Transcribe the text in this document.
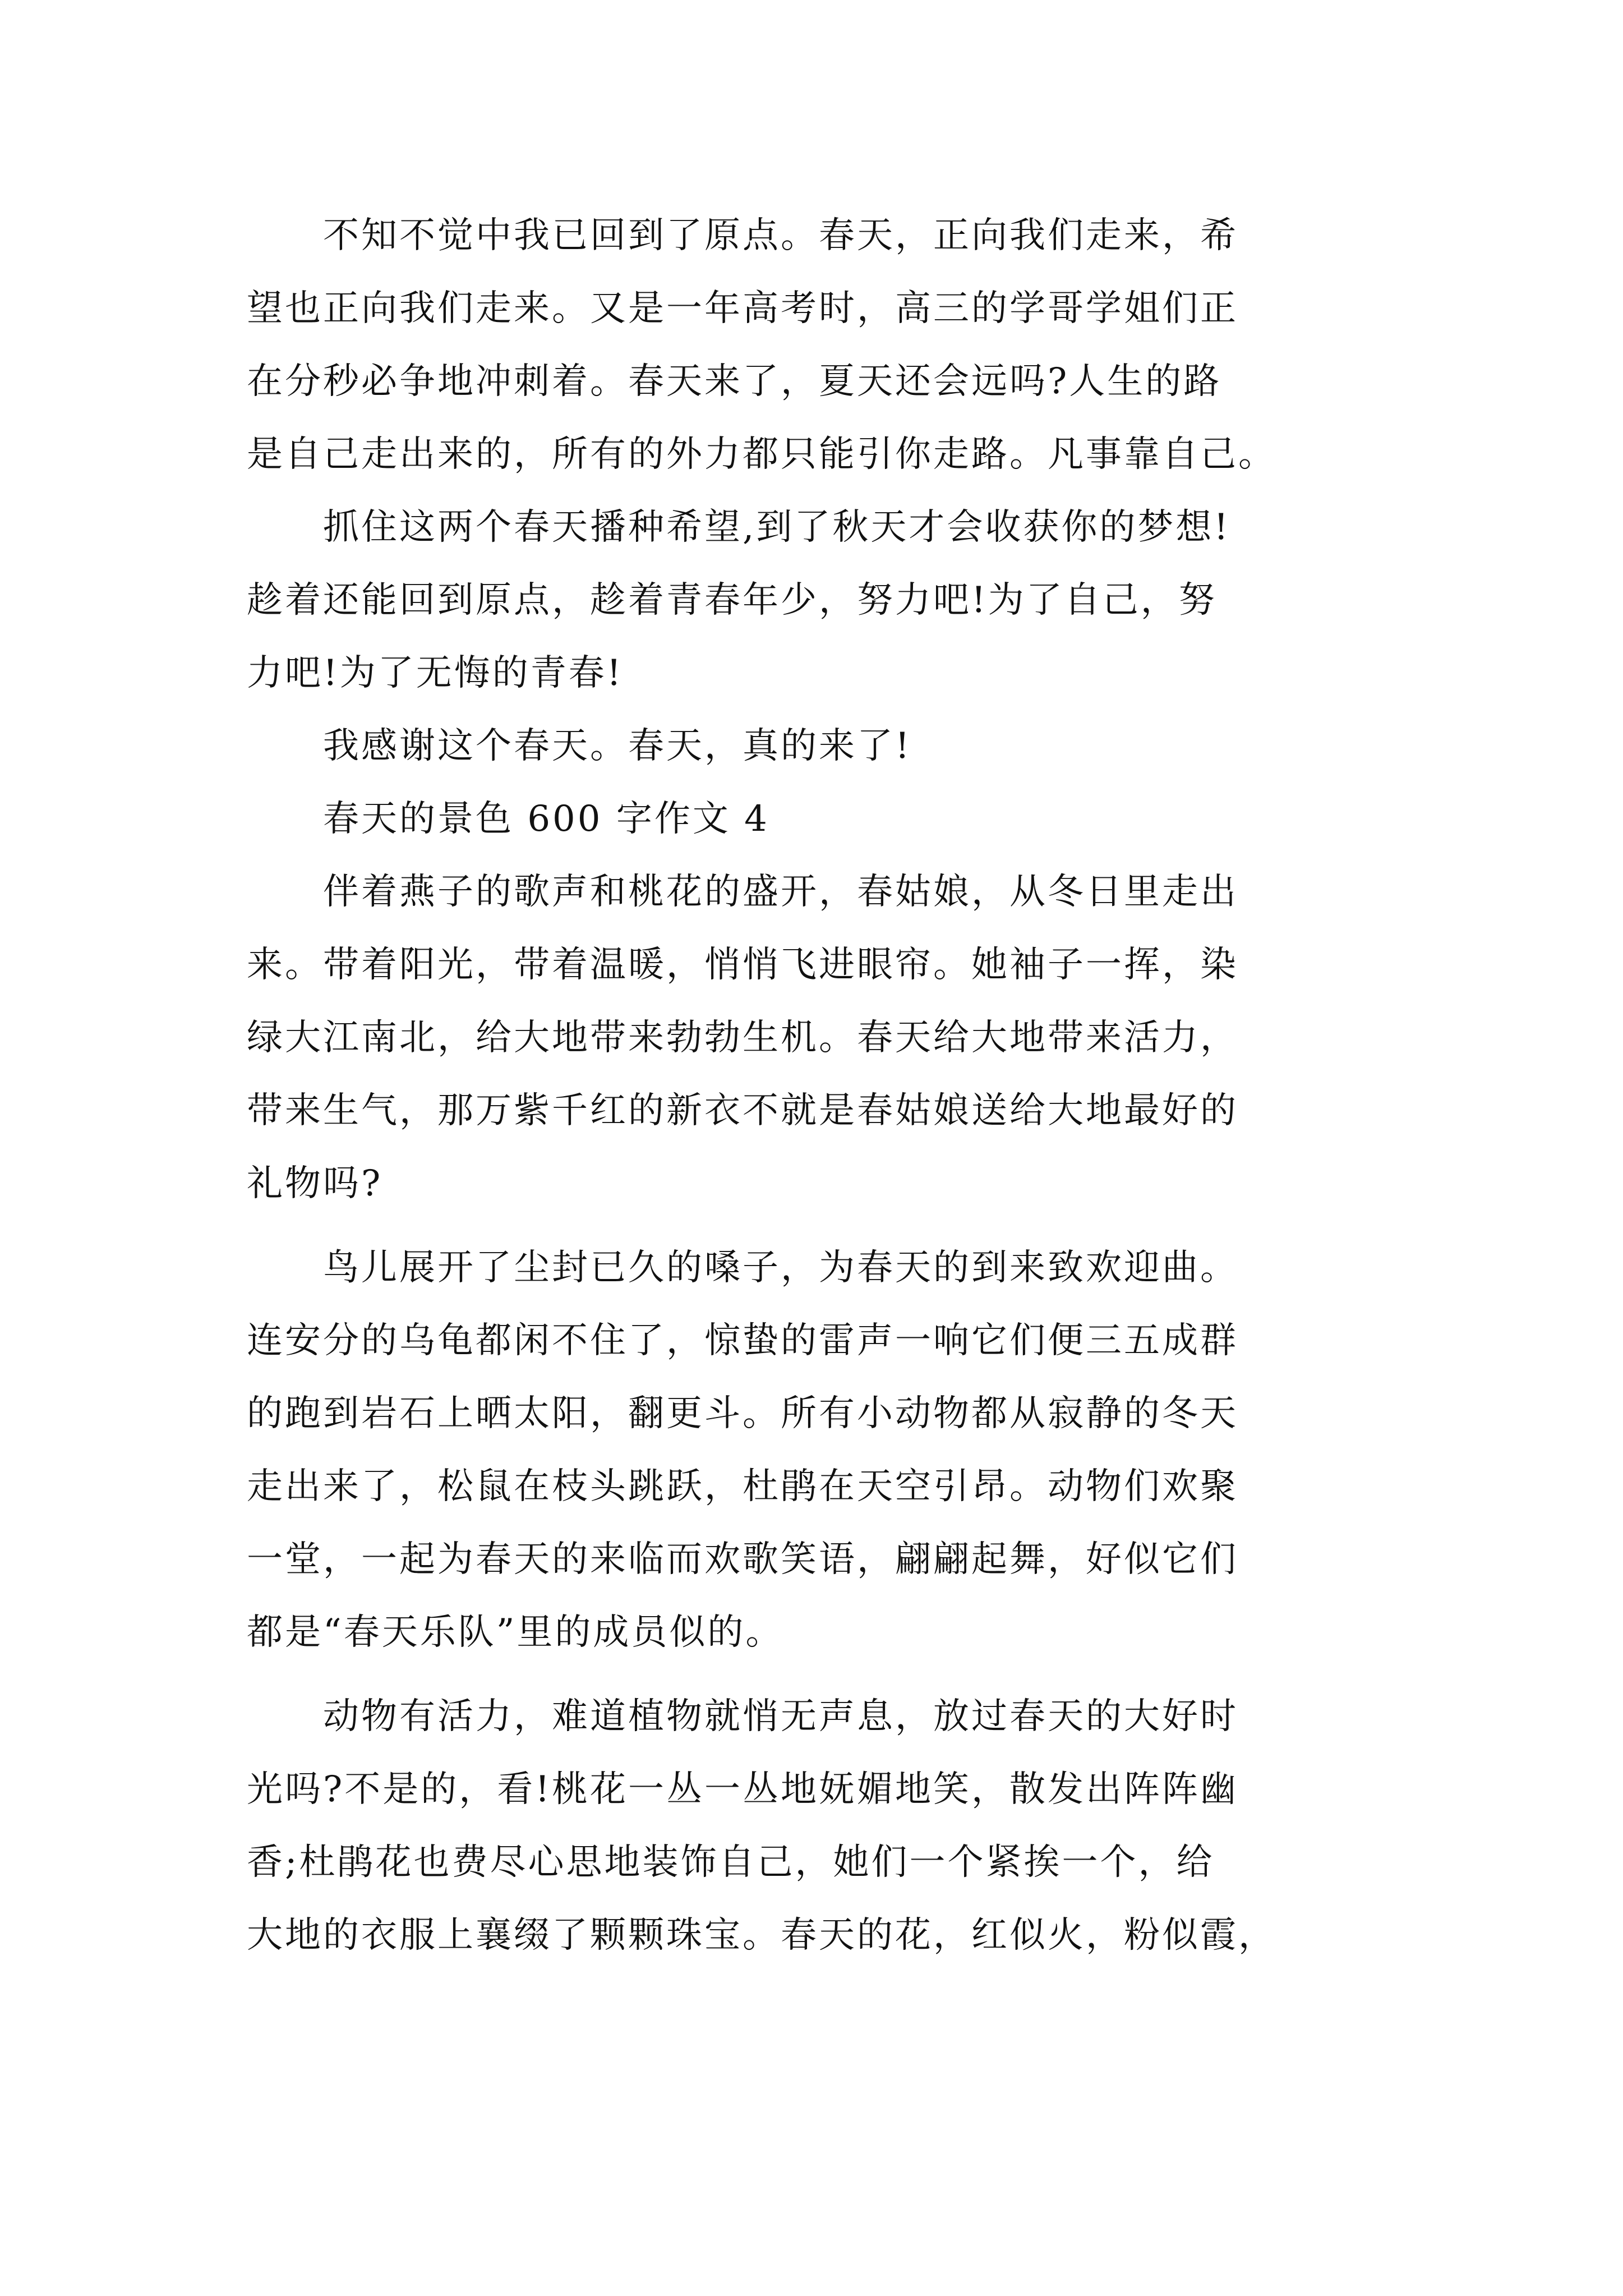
　　不知不觉中我已回到了原点。春天，正向我们走来，希
望也正向我们走来。又是一年高考时，高三的学哥学姐们正
在分秒必争地冲刺着。春天来了，夏天还会远吗?人生的路
是自己走出来的，所有的外力都只能引你走路。凡事靠自己。
　　抓住这两个春天播种希望,到了秋天才会收获你的梦想!
趁着还能回到原点，趁着青春年少，努力吧!为了自己，努
力吧!为了无悔的青春!
　　我感谢这个春天。春天，真的来了!
　　春天的景色 600 字作文 4
　　伴着燕子的歌声和桃花的盛开，春姑娘，从冬日里走出
来。带着阳光，带着温暖，悄悄飞进眼帘。她袖子一挥，染
绿大江南北，给大地带来勃勃生机。春天给大地带来活力，
带来生气，那万紫千红的新衣不就是春姑娘送给大地最好的
礼物吗?
　　鸟儿展开了尘封已久的嗓子，为春天的到来致欢迎曲。
连安分的乌龟都闲不住了，惊蛰的雷声一响它们便三五成群
的跑到岩石上晒太阳，翻更斗。所有小动物都从寂静的冬天
走出来了，松鼠在枝头跳跃，杜鹃在天空引昂。动物们欢聚
一堂，一起为春天的来临而欢歌笑语，翩翩起舞，好似它们
都是“春天乐队”里的成员似的。
　　动物有活力，难道植物就悄无声息，放过春天的大好时
光吗?不是的，看!桃花一丛一丛地妩媚地笑，散发出阵阵幽
香;杜鹃花也费尽心思地装饰自己，她们一个紧挨一个，给
大地的衣服上襄缀了颗颗珠宝。春天的花，红似火，粉似霞，
